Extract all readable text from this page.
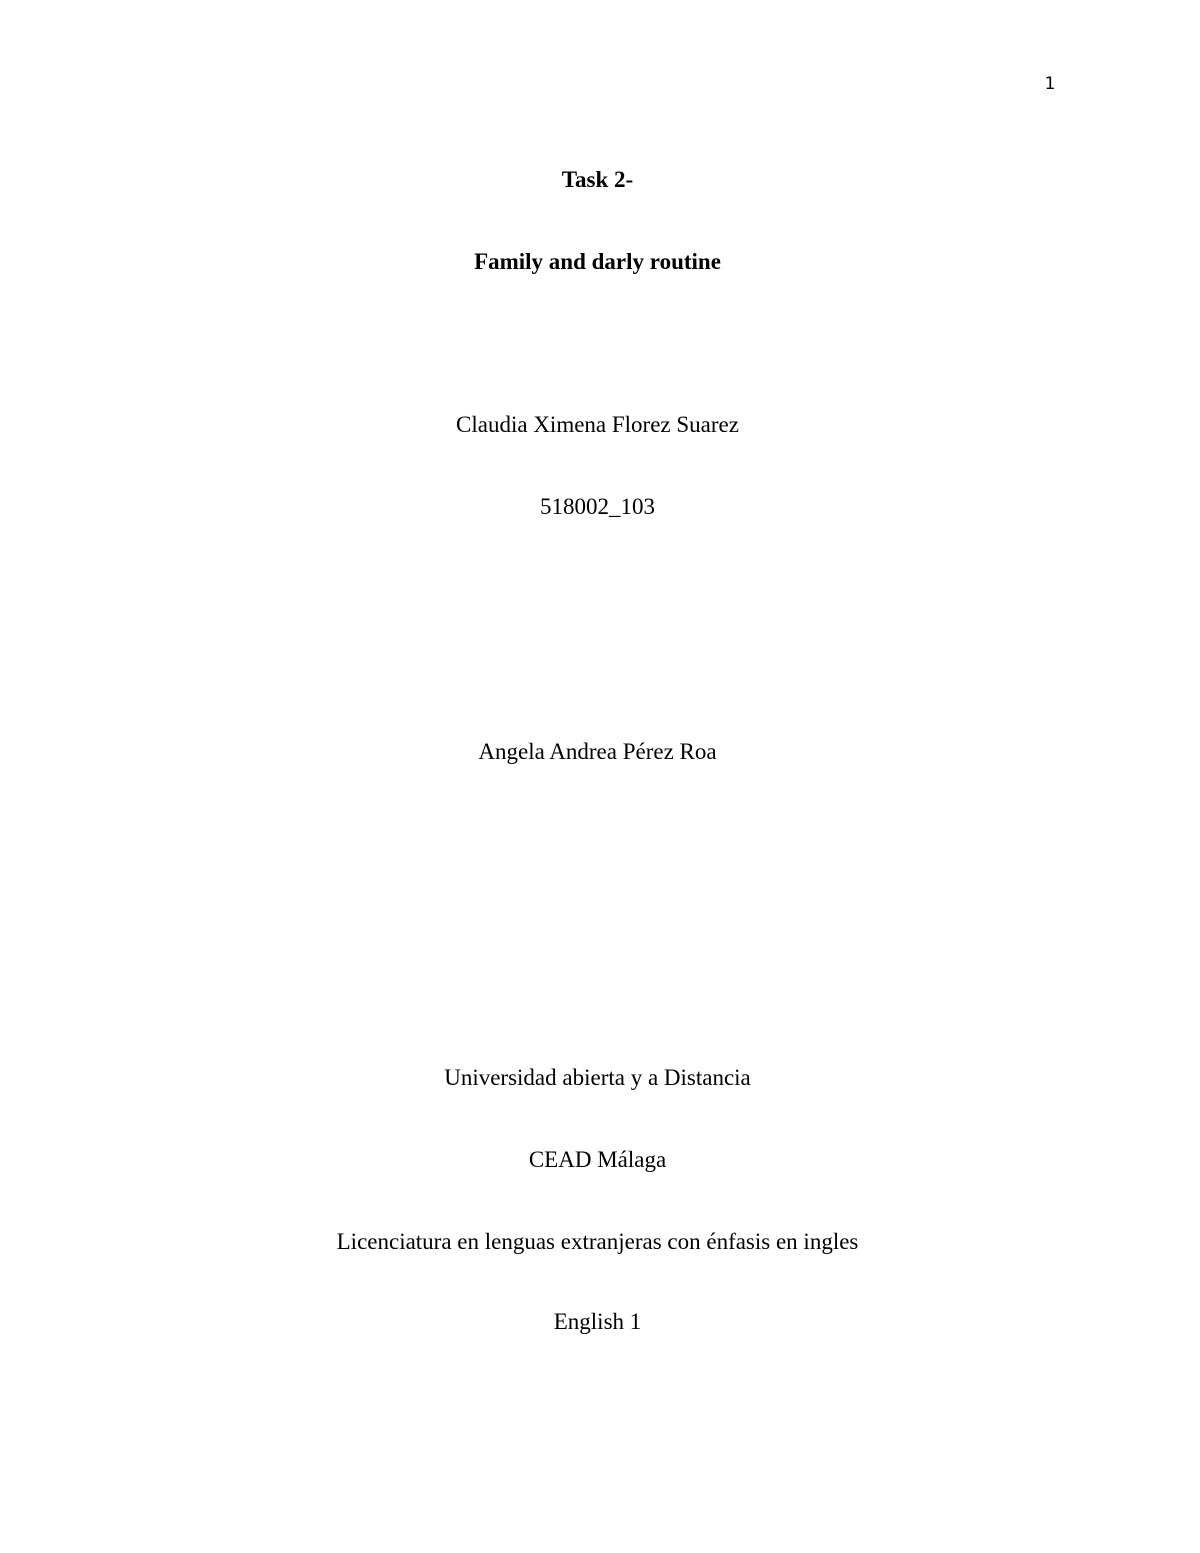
1
Task 2-
Family and darly routine
Claudia Ximena Florez Suarez
518002_103
Angela Andrea Pérez Roa
Universidad abierta y a Distancia
CEAD Málaga
Licenciatura en lenguas extranjeras con énfasis en ingles
English 1
